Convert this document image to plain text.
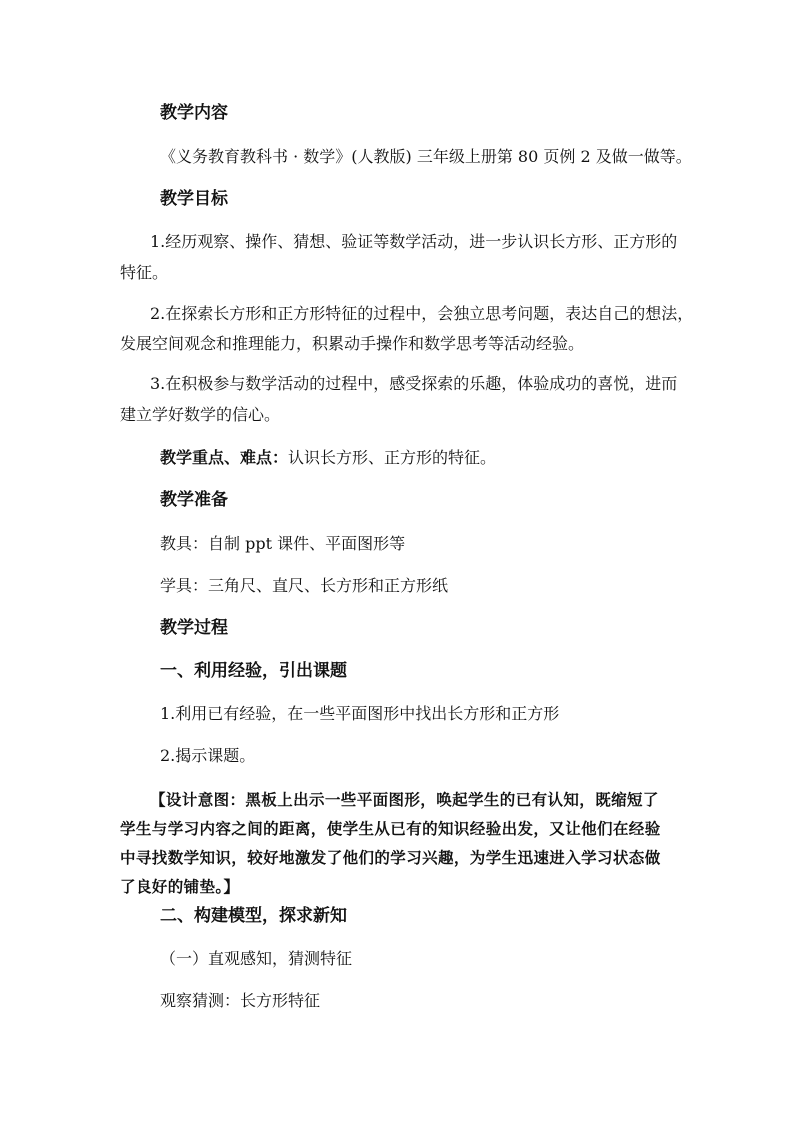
教学内容
《义务教育教科书 · 数学》(人教版) 三年级上册第 80 页例 2 及做一做等。
教学目标
1.经历观察、操作、猜想、验证等数学活动，进一步认识长方形、正方形的
特征。
2.在探索长方形和正方形特征的过程中，会独立思考问题，表达自己的想法，
发展空间观念和推理能力，积累动手操作和数学思考等活动经验。
3.在积极参与数学活动的过程中，感受探索的乐趣，体验成功的喜悦，进而
建立学好数学的信心。
教学重点、难点：认识长方形、正方形的特征。
教学准备
教具：自制 ppt 课件、平面图形等
学具：三角尺、直尺、长方形和正方形纸
教学过程
一、利用经验，引出课题
1.利用已有经验，在一些平面图形中找出长方形和正方形
2.揭示课题。
【设计意图：黑板上出示一些平面图形，唤起学生的已有认知，既缩短了
学生与学习内容之间的距离，使学生从已有的知识经验出发，又让他们在经验
中寻找数学知识，较好地激发了他们的学习兴趣，为学生迅速进入学习状态做
了良好的铺垫。】
二、构建模型，探求新知
（一）直观感知，猜测特征
观察猜测：长方形特征
